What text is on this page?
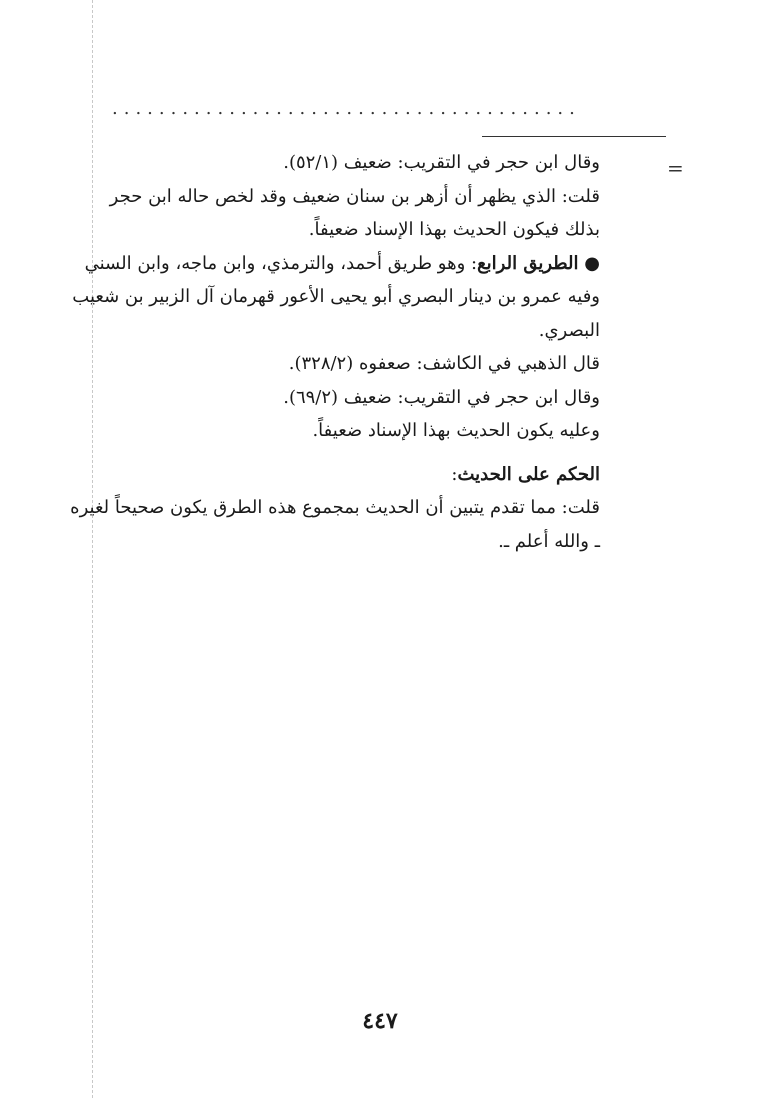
........................................
=
وقال ابن حجر في التقريب: ضعيف (٥٢/١).
قلت: الذي يظهر أن أزهر بن سنان ضعيف وقد لخص حاله ابن حجر
بذلك فيكون الحديث بهذا الإسناد ضعيفاً.
● الطريق الرابع: وهو طريق أحمد، والترمذي، وابن ماجه، وابن السني
وفيه عمرو بن دينار البصري أبو يحيى الأعور قهرمان آل الزبير بن شعيب
البصري.
قال الذهبي في الكاشف: صعفوه (٣٢٨/٢).
وقال ابن حجر في التقريب: ضعيف (٦٩/٢).
وعليه يكون الحديث بهذا الإسناد ضعيفاً.
الحكم على الحديث:
قلت: مما تقدم يتبين أن الحديث بمجموع هذه الطرق يكون صحيحاً لغيره
ـ والله أعلم ـ.
٤٤٧
